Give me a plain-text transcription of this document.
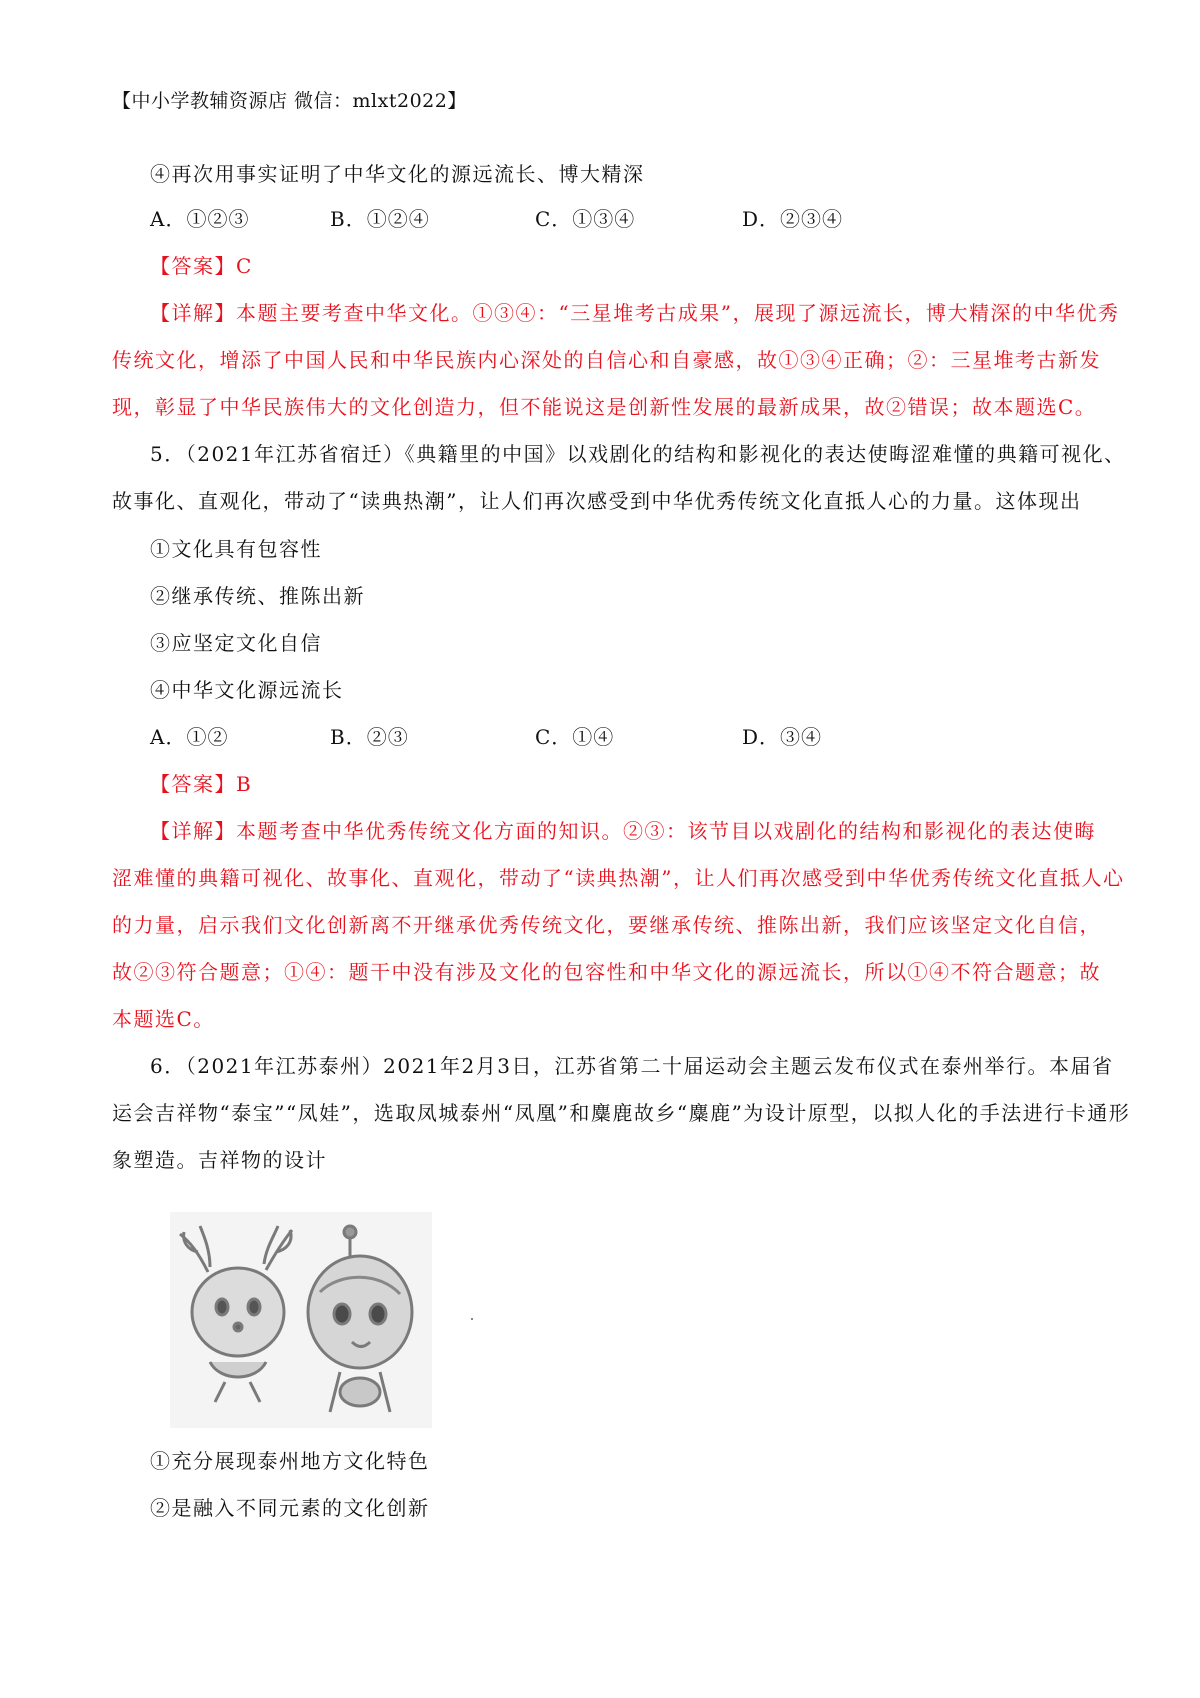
【中小学教辅资源店 微信：mlxt2022】
④再次用事实证明了中华文化的源远流长、博大精深
A．①②③	B．①②④	C．①③④	D．②③④
【答案】C
【详解】本题主要考查中华文化。①③④：“三星堆考古成果”，展现了源远流长，博大精深的中华优秀
传统文化，增添了中国人民和中华民族内心深处的自信心和自豪感，故①③④正确；②：三星堆考古新发
现，彰显了中华民族伟大的文化创造力，但不能说这是创新性发展的最新成果，故②错误；故本题选C。
5．（2021年江苏省宿迁）《典籍里的中国》以戏剧化的结构和影视化的表达使晦涩难懂的典籍可视化、
故事化、直观化，带动了“读典热潮”，让人们再次感受到中华优秀传统文化直抵人心的力量。这体现出
①文化具有包容性
②继承传统、推陈出新
③应坚定文化自信
④中华文化源远流长
A．①②	B．②③	C．①④	D．③④
【答案】B
【详解】本题考查中华优秀传统文化方面的知识。②③：该节目以戏剧化的结构和影视化的表达使晦
涩难懂的典籍可视化、故事化、直观化，带动了“读典热潮”，让人们再次感受到中华优秀传统文化直抵人心
的力量，启示我们文化创新离不开继承优秀传统文化，要继承传统、推陈出新，我们应该坚定文化自信，
故②③符合题意；①④：题干中没有涉及文化的包容性和中华文化的源远流长，所以①④不符合题意；故
本题选C。
6．（2021年江苏泰州）2021年2月3日，江苏省第二十届运动会主题云发布仪式在泰州举行。本届省
运会吉祥物“泰宝”“凤娃”，选取凤城泰州“凤凰”和麋鹿故乡“麋鹿”为设计原型，以拟人化的手法进行卡通形
象塑造。吉祥物的设计
①充分展现泰州地方文化特色
②是融入不同元素的文化创新
